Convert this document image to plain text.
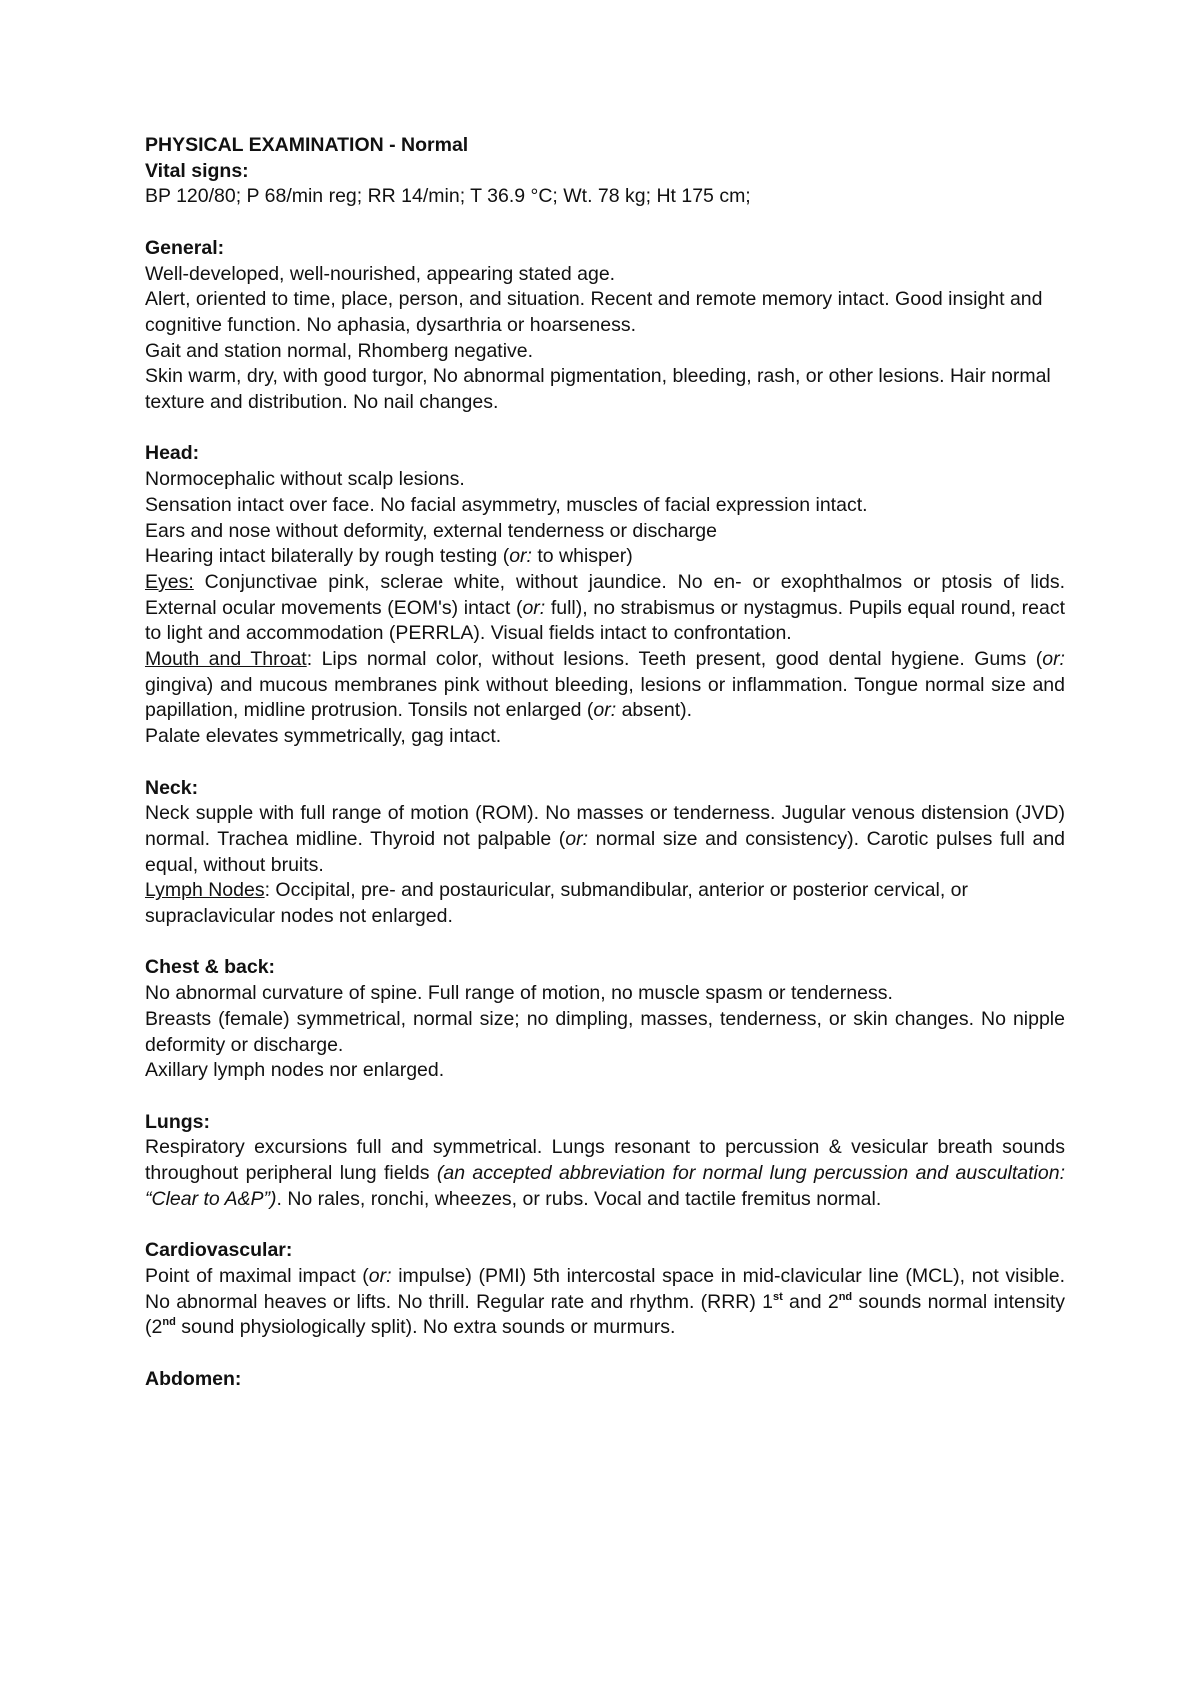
PHYSICAL EXAMINATION - Normal

Vital signs:

BP 120/80; P 68/min reg; RR 14/min; T 36.9 °C; Wt. 78 kg; Ht 175 cm;

General:

Well-developed, well-nourished, appearing stated age.

Alert, oriented to time, place, person, and situation. Recent and remote memory intact. Good insight and cognitive function. No aphasia, dysarthria or hoarseness.

Gait and station normal, Rhomberg negative.

Skin warm, dry, with good turgor, No abnormal pigmentation, bleeding, rash, or other lesions. Hair normal texture and distribution. No nail changes.

Head:

Normocephalic without scalp lesions.

Sensation intact over face. No facial asymmetry, muscles of facial expression intact.

Ears and nose without deformity, external tenderness or discharge

Hearing intact bilaterally by rough testing (or: to whisper)

Eyes: Conjunctivae pink, sclerae white, without jaundice. No en- or exophthalmos or ptosis of lids. External ocular movements (EOM's) intact (or: full), no strabismus or nystagmus. Pupils equal round, react to light and accommodation (PERRLA). Visual fields intact to confrontation.

Mouth and Throat: Lips normal color, without lesions. Teeth present, good dental hygiene. Gums (or: gingiva) and mucous membranes pink without bleeding, lesions or inflammation. Tongue normal size and papillation, midline protrusion. Tonsils not enlarged (or: absent).

Palate elevates symmetrically, gag intact.

Neck:

Neck supple with full range of motion (ROM). No masses or tenderness. Jugular venous distension (JVD) normal. Trachea midline. Thyroid not palpable (or: normal size and consistency). Carotic pulses full and equal, without bruits.

Lymph Nodes: Occipital, pre- and postauricular, submandibular, anterior or posterior cervical, or supraclavicular nodes not enlarged.

Chest & back:

No abnormal curvature of spine. Full range of motion, no muscle spasm or tenderness.

Breasts (female) symmetrical, normal size; no dimpling, masses, tenderness, or skin changes. No nipple deformity or discharge.

Axillary lymph nodes nor enlarged.

Lungs:

Respiratory excursions full and symmetrical. Lungs resonant to percussion & vesicular breath sounds throughout peripheral lung fields (an accepted abbreviation for normal lung percussion and auscultation: “Clear to A&P”). No rales, ronchi, wheezes, or rubs. Vocal and tactile fremitus normal.

Cardiovascular:

Point of maximal impact (or: impulse) (PMI) 5th intercostal space in mid-clavicular line (MCL), not visible. No abnormal heaves or lifts. No thrill. Regular rate and rhythm. (RRR) 1st and 2nd sounds normal intensity (2nd sound physiologically split). No extra sounds or murmurs.

Abdomen:
